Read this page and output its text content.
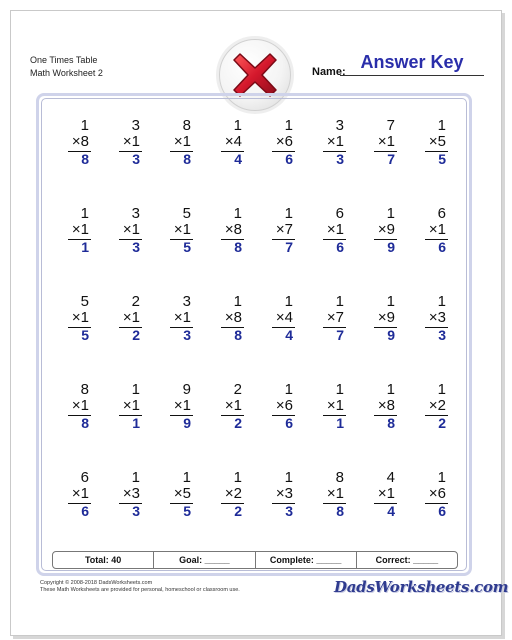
One Times Table
Math Worksheet 2	Name: Answer Key
1
×8
8
3
×1
3
8
×1
8
1
×4
4
1
×6
6
3
×1
3
7
×1
7
1
×5
5
1
×1
1
3
×1
3
5
×1
5
1
×8
8
1
×7
7
6
×1
6
1
×9
9
6
×1
6
5
×1
5
2
×1
2
3
×1
3
1
×8
8
1
×4
4
1
×7
7
1
×9
9
1
×3
3
8
×1
8
1
×1
1
9
×1
9
2
×1
2
1
×6
6
1
×1
1
1
×8
8
1
×2
2
6
×1
6
1
×3
3
1
×5
5
1
×2
2
1
×3
3
8
×1
8
4
×1
4
1
×6
6
Total: 40	Goal: _____	Complete: _____	Correct: _____
Copyright © 2008-2018 DadsWorksheets.com
These Math Worksheets are provided for personal, homeschool or classroom use.	DadsWorksheets.com
